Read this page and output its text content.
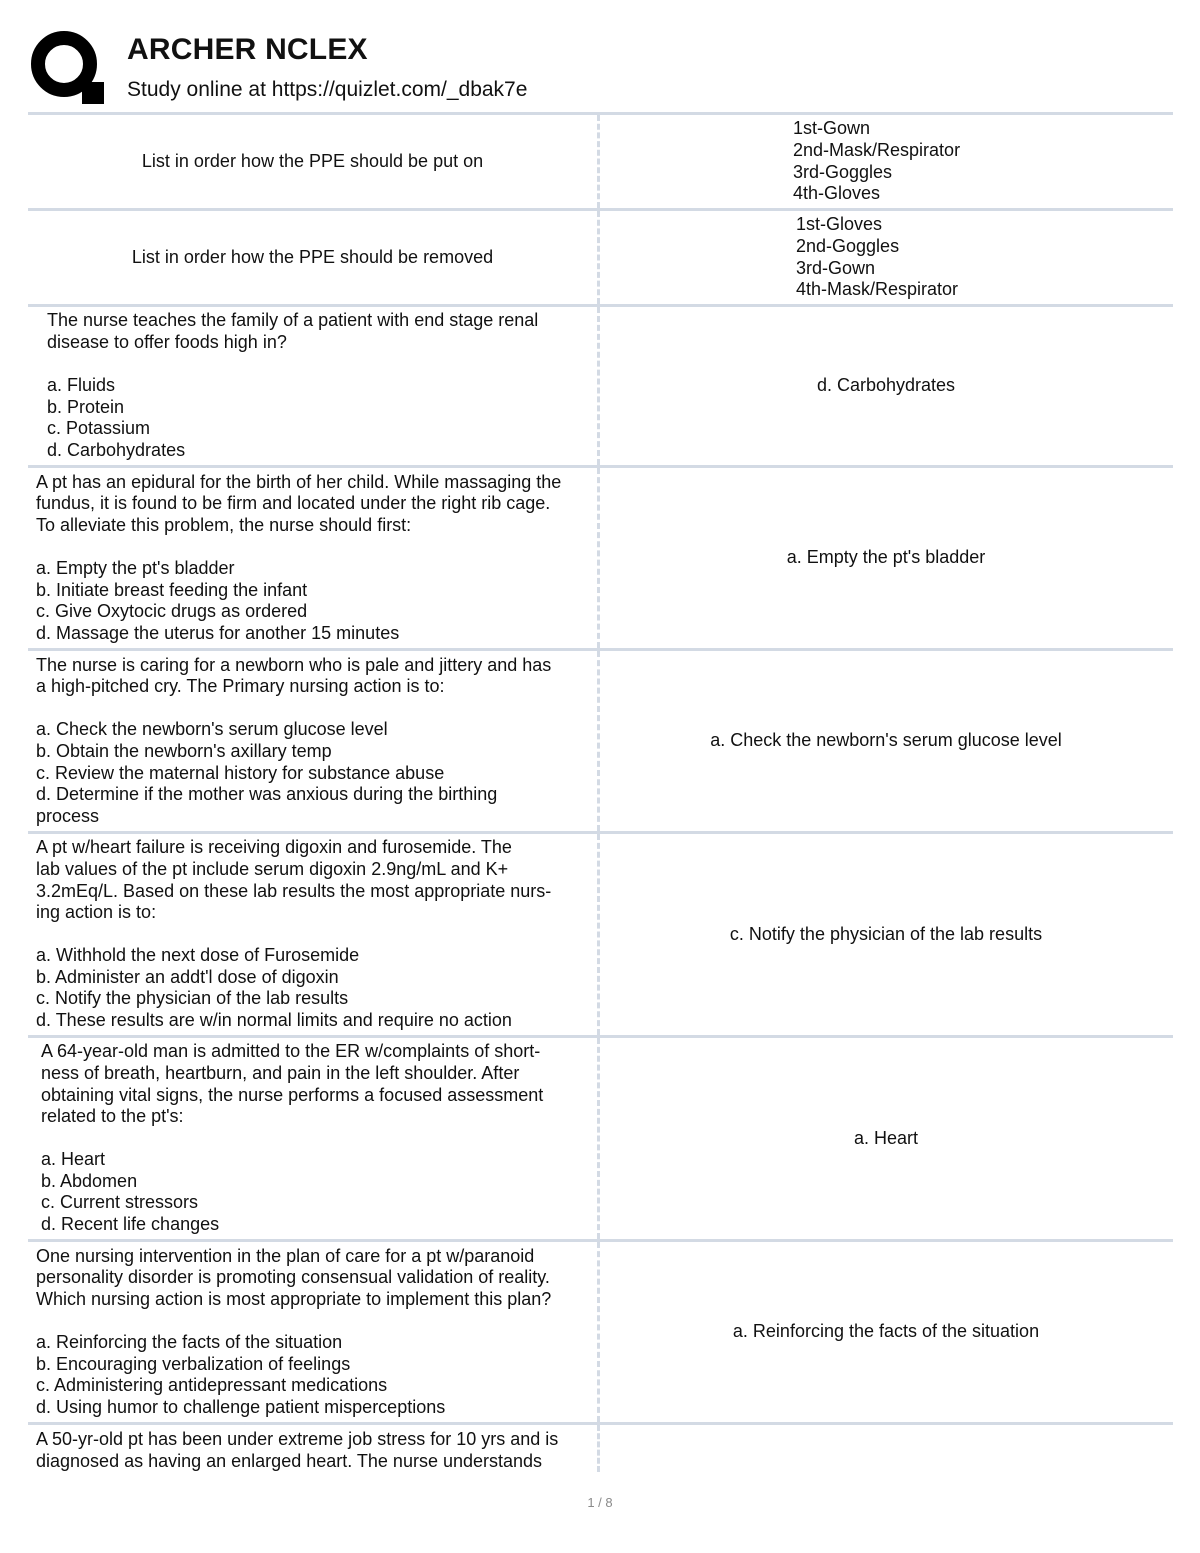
ARCHER NCLEX
Study online at https://quizlet.com/_dbak7e
List in order how the PPE should be put on
1st-Gown
2nd-Mask/Respirator
3rd-Goggles
4th-Gloves
List in order how the PPE should be removed
1st-Gloves
2nd-Goggles
3rd-Gown
4th-Mask/Respirator
The nurse teaches the family of a patient with end stage renal
disease to offer foods high in?

a. Fluids
b. Protein
c. Potassium
d. Carbohydrates
d. Carbohydrates
A pt has an epidural for the birth of her child. While massaging the
fundus, it is found to be firm and located under the right rib cage.
To alleviate this problem, the nurse should first:

a. Empty the pt's bladder
b. Initiate breast feeding the infant
c. Give Oxytocic drugs as ordered
d. Massage the uterus for another 15 minutes
a. Empty the pt's bladder
The nurse is caring for a newborn who is pale and jittery and has
a high-pitched cry. The Primary nursing action is to:

a. Check the newborn's serum glucose level
b. Obtain the newborn's axillary temp
c. Review the maternal history for substance abuse
d. Determine if the mother was anxious during the birthing
process
a. Check the newborn's serum glucose level
A pt w/heart failure is receiving digoxin and furosemide. The
lab values of the pt include serum digoxin 2.9ng/mL and K+
3.2mEq/L. Based on these lab results the most appropriate nurs-
ing action is to:

a. Withhold the next dose of Furosemide
b. Administer an addt'l dose of digoxin
c. Notify the physician of the lab results
d. These results are w/in normal limits and require no action
c. Notify the physician of the lab results
A 64-year-old man is admitted to the ER w/complaints of short-
ness of breath, heartburn, and pain in the left shoulder. After
obtaining vital signs, the nurse performs a focused assessment
related to the pt's:

a. Heart
b. Abdomen
c. Current stressors
d. Recent life changes
a. Heart
One nursing intervention in the plan of care for a pt w/paranoid
personality disorder is promoting consensual validation of reality.
Which nursing action is most appropriate to implement this plan?

a. Reinforcing the facts of the situation
b. Encouraging verbalization of feelings
c. Administering antidepressant medications
d. Using humor to challenge patient misperceptions
a. Reinforcing the facts of the situation
A 50-yr-old pt has been under extreme job stress for 10 yrs and is
diagnosed as having an enlarged heart. The nurse understands
1 / 8
